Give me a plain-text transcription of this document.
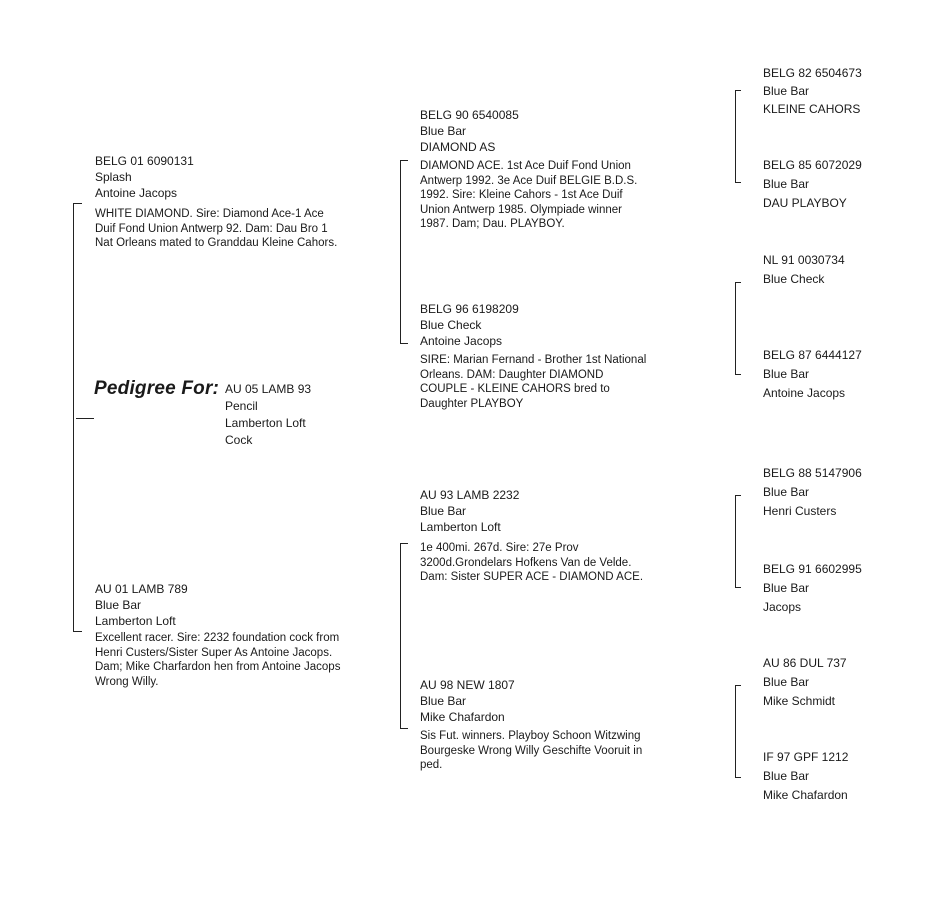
Pedigree For: AU 05 LAMB 93
Pencil
Lamberton Loft
Cock
BELG 01 6090131
Splash
Antoine Jacops
WHITE DIAMOND. Sire: Diamond Ace-1 Ace
Duif Fond Union Antwerp 92. Dam: Dau Bro 1
Nat Orleans mated to Granddau Kleine Cahors.
AU 01 LAMB 789
Blue Bar
Lamberton Loft
Excellent racer. Sire: 2232 foundation cock from
Henri Custers/Sister Super As Antoine Jacops.
Dam; Mike Charfardon hen from Antoine Jacops
Wrong Willy.
BELG 90 6540085
Blue Bar
DIAMOND AS
DIAMOND ACE. 1st Ace Duif Fond Union
Antwerp 1992. 3e Ace Duif BELGIE B.D.S.
1992. Sire: Kleine Cahors - 1st Ace Duif
Union Antwerp 1985. Olympiade winner
1987. Dam; Dau. PLAYBOY.
BELG 96 6198209
Blue Check
Antoine Jacops
SIRE: Marian Fernand - Brother 1st National
Orleans. DAM: Daughter DIAMOND
COUPLE - KLEINE CAHORS bred to
Daughter PLAYBOY
AU 93 LAMB 2232
Blue Bar
Lamberton Loft
1e 400mi. 267d. Sire: 27e Prov
3200d.Grondelars Hofkens Van de Velde.
Dam: Sister SUPER ACE - DIAMOND ACE.
AU 98 NEW 1807
Blue Bar
Mike Chafardon
Sis Fut. winners. Playboy Schoon Witzwing
Bourgeske Wrong Willy Geschifte Vooruit in
ped.
BELG 82 6504673
Blue Bar
KLEINE CAHORS
BELG 85 6072029
Blue Bar
DAU PLAYBOY
NL 91 0030734
Blue Check
BELG 87 6444127
Blue Bar
Antoine Jacops
BELG 88 5147906
Blue Bar
Henri Custers
BELG 91 6602995
Blue Bar
Jacops
AU 86 DUL 737
Blue Bar
Mike Schmidt
IF 97 GPF 1212
Blue Bar
Mike Chafardon
